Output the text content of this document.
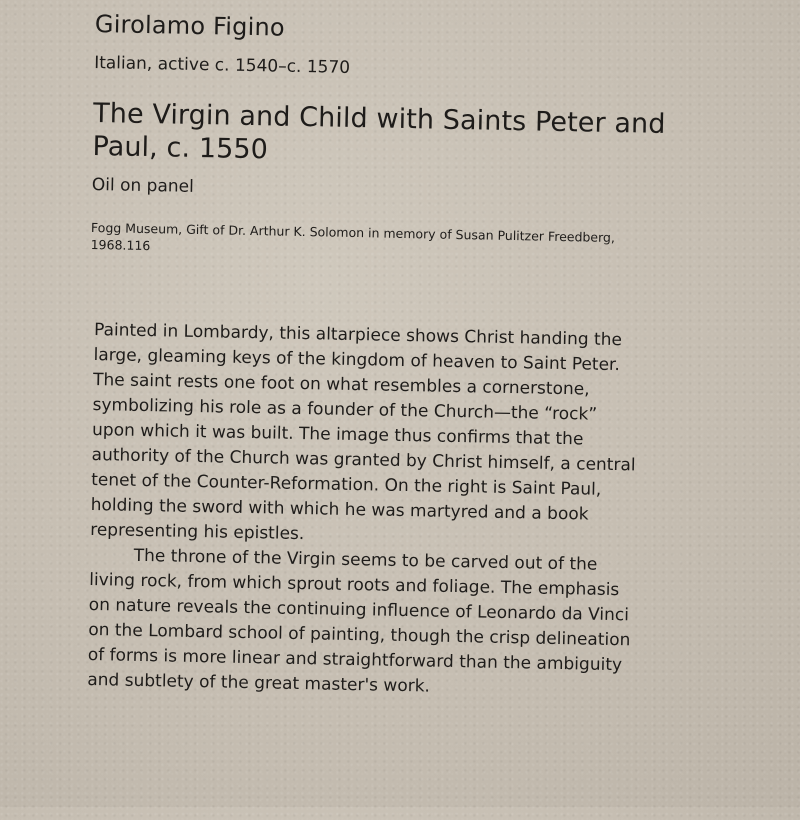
Girolamo Figino

Italian, active c. 1540–c. 1570

The Virgin and Child with Saints Peter and Paul, c. 1550

Oil on panel

Fogg Museum, Gift of Dr. Arthur K. Solomon in memory of Susan Pulitzer Freedberg, 1968.116

Painted in Lombardy, this altarpiece shows Christ handing the large, gleaming keys of the kingdom of heaven to Saint Peter. The saint rests one foot on what resembles a cornerstone, symbolizing his role as a founder of the Church—the “rock” upon which it was built. The image thus confirms that the authority of the Church was granted by Christ himself, a central tenet of the Counter-Reformation. On the right is Saint Paul, holding the sword with which he was martyred and a book representing his epistles.

The throne of the Virgin seems to be carved out of the living rock, from which sprout roots and foliage. The emphasis on nature reveals the continuing influence of Leonardo da Vinci on the Lombard school of painting, though the crisp delineation of forms is more linear and straightforward than the ambiguity and subtlety of the great master's work.
